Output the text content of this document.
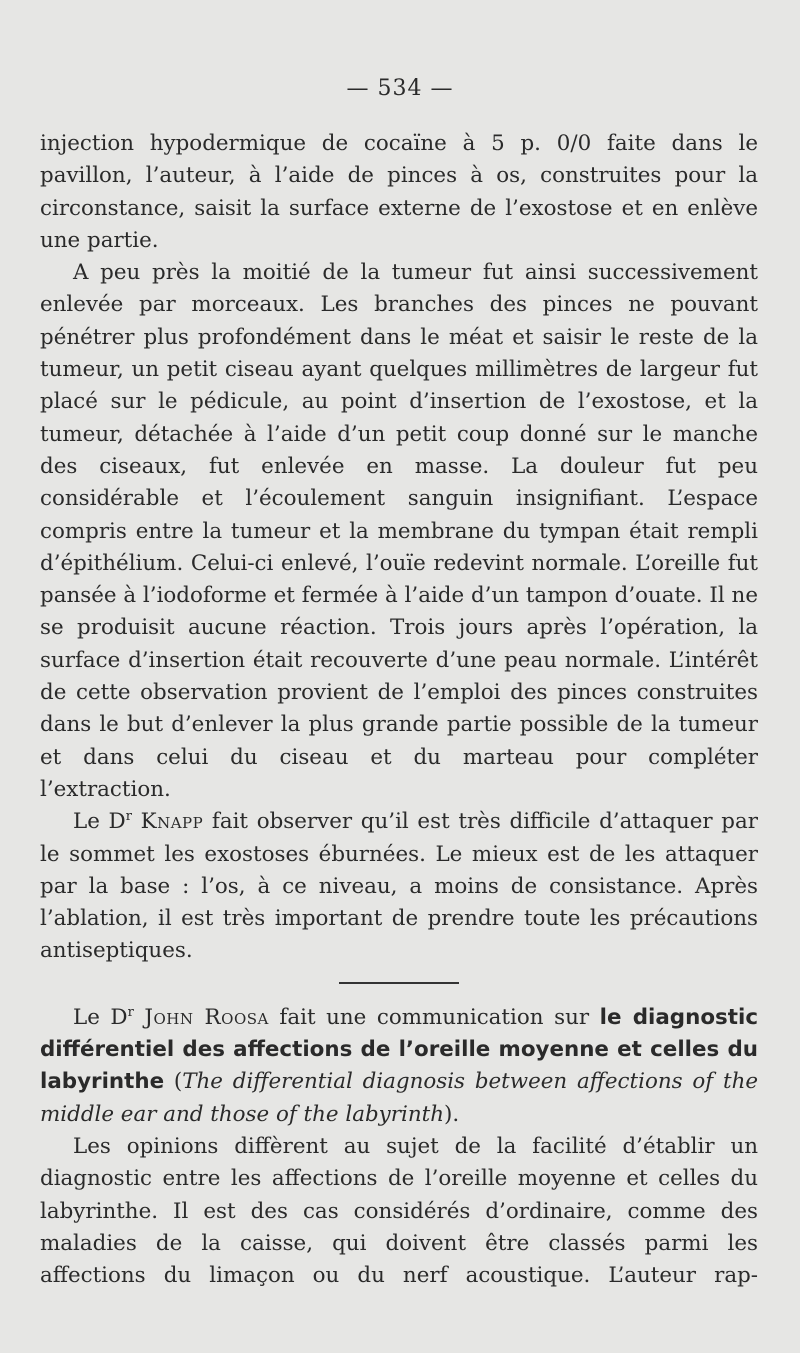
— 534 —

injection hypodermique de cocaïne à 5 p. 0/0 faite dans le pavillon, l’auteur, à l’aide de pinces à os, construites pour la circonstance, saisit la surface externe de l’exostose et en enlève une partie.

A peu près la moitié de la tumeur fut ainsi successivement enlevée par morceaux. Les branches des pinces ne pouvant pénétrer plus profondément dans le méat et saisir le reste de la tumeur, un petit ciseau ayant quelques millimètres de largeur fut placé sur le pédicule, au point d’insertion de l’exostose, et la tumeur, détachée à l’aide d’un petit coup donné sur le manche des ciseaux, fut enlevée en masse. La douleur fut peu considérable et l’écoulement sanguin insignifiant. L’espace compris entre la tumeur et la membrane du tympan était rempli d’épithélium. Celui-ci enlevé, l’ouïe redevint normale. L’oreille fut pansée à l’iodoforme et fermée à l’aide d’un tampon d’ouate. Il ne se produisit aucune réaction. Trois jours après l’opération, la surface d’insertion était recouverte d’une peau normale. L’intérêt de cette observation provient de l’emploi des pinces construites dans le but d’enlever la plus grande partie possible de la tumeur et dans celui du ciseau et du marteau pour compléter l’extraction.

Le $D^r$ Knapp fait observer qu’il est très difficile d’attaquer par le sommet les exostoses éburnées. Le mieux est de les attaquer par la base : l’os, à ce niveau, a moins de consistance. Après l’ablation, il est très important de prendre toute les précautions antiseptiques.

Le $D^r$ John Roosa fait une communication sur le diagnostic différentiel des affections de l’oreille moyenne et celles du labyrinthe (The differential diagnosis between affections of the middle ear and those of the labyrinth).

Les opinions diffèrent au sujet de la facilité d’établir un diagnostic entre les affections de l’oreille moyenne et celles du labyrinthe. Il est des cas considérés d’ordinaire, comme des maladies de la caisse, qui doivent être classés parmi les affections du limaçon ou du nerf acoustique. L’auteur rap-
